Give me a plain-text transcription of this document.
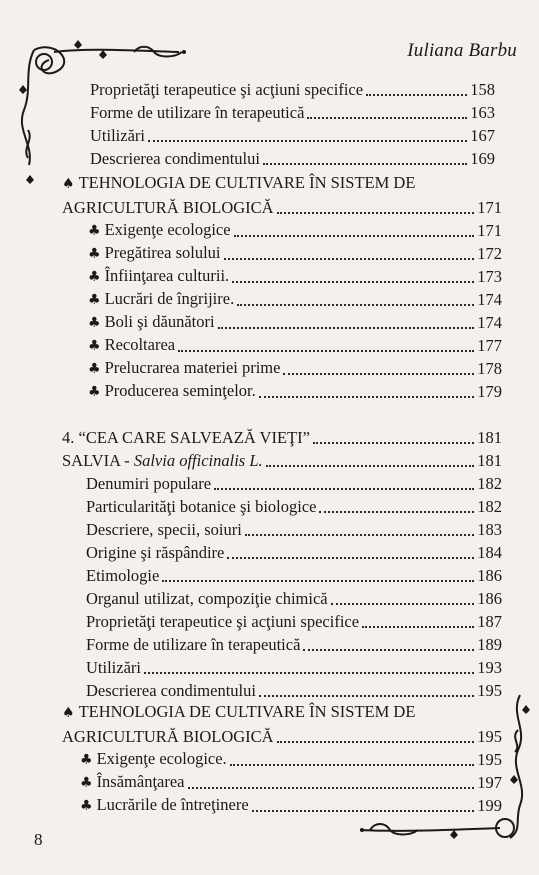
Iuliana Barbu
Proprietăţi terapeutice şi acţiuni specifice	158
Forme de utilizare în terapeutică	163
Utilizări	167
Descrierea condimentului	169
♠ TEHNOLOGIA DE CULTIVARE ÎN SISTEM DE
AGRICULTURĂ BIOLOGICĂ	171
♣ Exigenţe ecologice	171
♣ Pregătirea solului	172
♣ Înfiinţarea culturii.	173
♣ Lucrări de îngrijire.	174
♣ Boli şi dăunători	174
♣ Recoltarea	177
♣ Prelucrarea materiei prime	178
♣ Producerea seminţelor.	179
4. “CEA CARE SALVEAZĂ VIEŢI”	181
SALVIA - Salvia officinalis L.	181
Denumiri populare	182
Particularităţi botanice şi biologice	182
Descriere, specii, soiuri	183
Origine şi răspândire	184
Etimologie	186
Organul utilizat, compoziţie chimică	186
Proprietăţi terapeutice şi acţiuni specifice	187
Forme de utilizare în terapeutică	189
Utilizări	193
Descrierea condimentului	195
♠ TEHNOLOGIA DE CULTIVARE ÎN SISTEM DE
AGRICULTURĂ BIOLOGICĂ	195
♣ Exigenţe ecologice.	195
♣ Însămânţarea	197
♣ Lucrările de întreţinere	199
8
